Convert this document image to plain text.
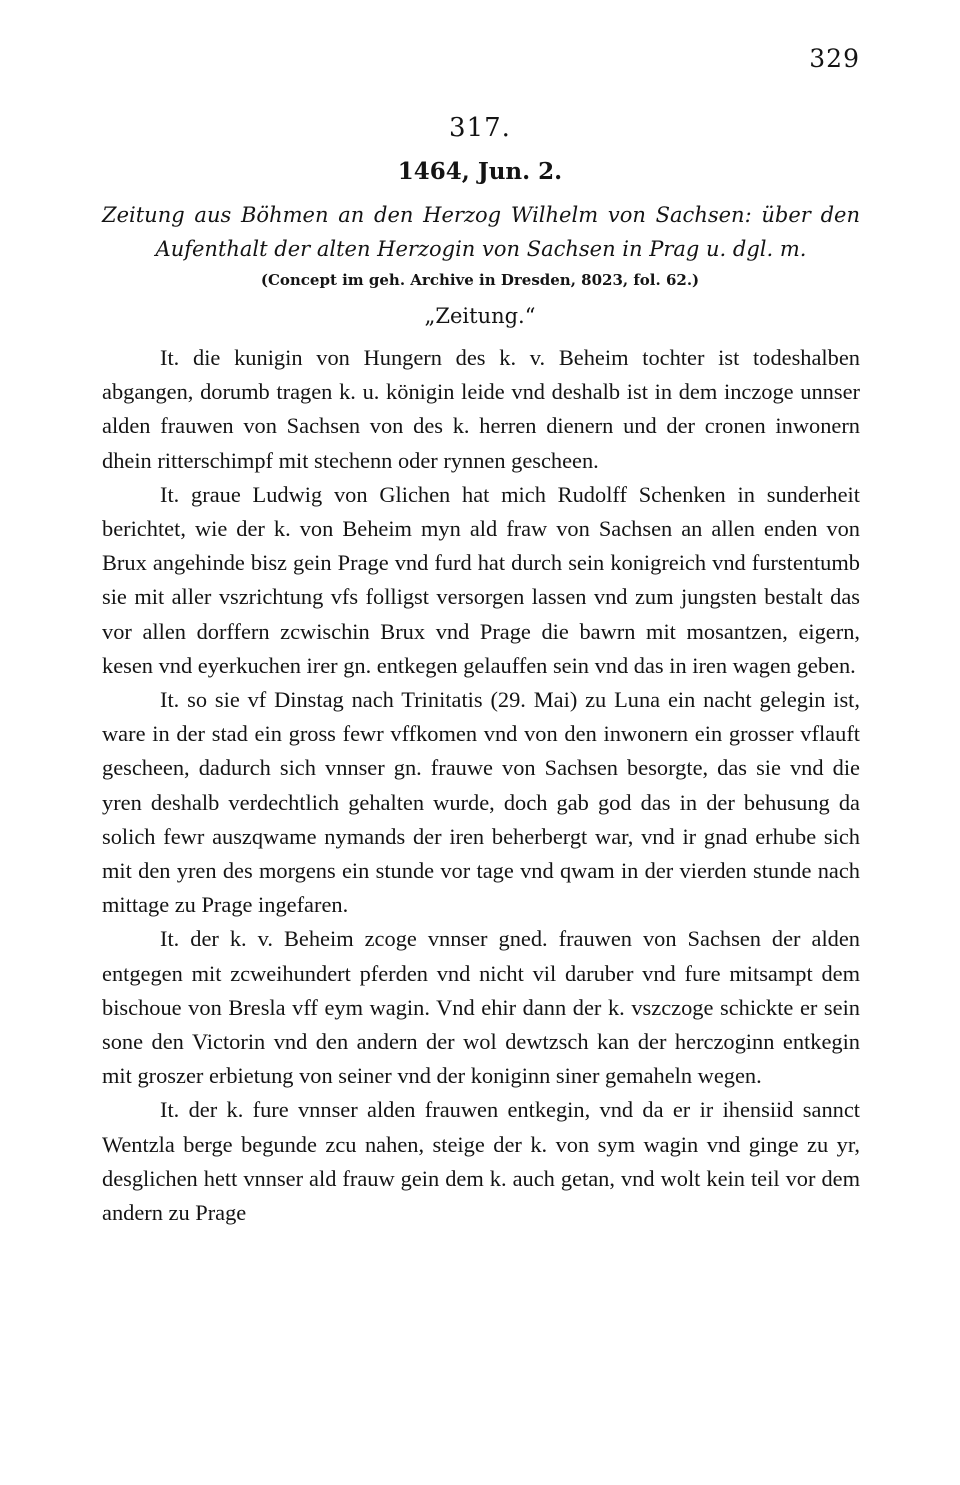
329
317.
1464, Jun. 2.
Zeitung aus Böhmen an den Herzog Wilhelm von Sachsen: über den Aufenthalt der alten Herzogin von Sachsen in Prag u. dgl. m.
(Concept im geh. Archive in Dresden, 8023, fol. 62.)
„Zeitung.“

It. die kunigin von Hungern des k. v. Beheim tochter ist todeshalben abgangen, dorumb tragen k. u. königin leide vnd deshalb ist in dem inczoge unnser alden frauwen von Sachsen von des k. herren dienern und der cronen inwonern dhein ritterschimpf mit stechenn oder rynnen gescheen.

It. graue Ludwig von Glichen hat mich Rudolff Schenken in sunderheit berichtet, wie der k. von Beheim myn ald fraw von Sachsen an allen enden von Brux angehinde bisz gein Prage vnd furd hat durch sein konigreich vnd furstentumb sie mit aller vszrichtung vfs folligst versorgen lassen vnd zum jungsten bestalt das vor allen dorffern zcwischin Brux vnd Prage die bawrn mit mosantzen, eigern, kesen vnd eyerkuchen irer gn. entkegen gelauffen sein vnd das in iren wagen geben.

It. so sie vf Dinstag nach Trinitatis (29. Mai) zu Luna ein nacht gelegin ist, ware in der stad ein gross fewr vffkomen vnd von den inwonern ein grosser vflauft gescheen, dadurch sich vnnser gn. frauwe von Sachsen besorgte, das sie vnd die yren deshalb verdechtlich gehalten wurde, doch gab god das in der behusung da solich fewr auszqwame nymands der iren beherbergt war, vnd ir gnad erhube sich mit den yren des morgens ein stunde vor tage vnd qwam in der vierden stunde nach mittage zu Prage ingefaren.

It. der k. v. Beheim zcoge vnnser gned. frauwen von Sachsen der alden entgegen mit zcweihundert pferden vnd nicht vil daruber vnd fure mitsampt dem bischoue von Bresla vff eym wagin. Vnd ehir dann der k. vszczoge schickte er sein sone den Victorin vnd den andern der wol dewtzsch kan der herczoginn entkegin mit groszer erbietung von seiner vnd der koniginn siner gemaheln wegen.

It. der k. fure vnnser alden frauwen entkegin, vnd da er ir ihensiid sannct Wentzla berge begunde zcu nahen, steige der k. von sym wagin vnd ginge zu yr, desglichen hett vnnser ald frauw gein dem k. auch getan, vnd wolt kein teil vor dem andern zu Prage
